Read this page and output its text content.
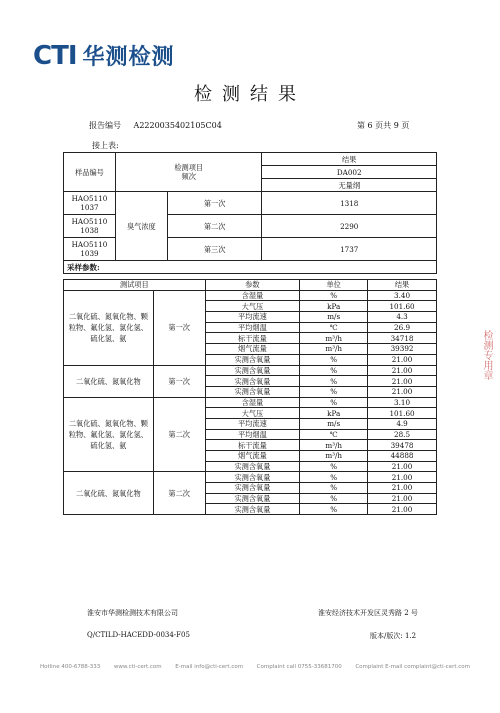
CTI 华测检测
检测结果
报告编号 A2220035402105C04	第 6 页共 9 页
接上表:
样品编号	检测项目
频次		结果
			DA002
			无量纲
HAO5110 1037	臭气浓度	第一次	1318
HAO5110 1038		第二次	2290
HAO5110 1039		第三次	1737
采样参数:			
测试项目		参数	单位	结果
二氧化硫、氮氧化物、颗粒物、氟化氢、氯化氢、硫化氢、氨	第一次	含湿量	%	3.40
		大气压	kPa	101.60
		平均流速	m/s	4.3
		平均烟温	℃	26.9
		标干流量	m³/h	34718
		烟气流量	m³/h	39392
		实测含氧量	%	21.00
二氧化硫、氮氧化物	第一次	实测含氧量	%	21.00
		实测含氧量	%	21.00
		实测含氧量	%	21.00
二氧化硫、氮氧化物、颗粒物、氟化氢、氯化氢、硫化氢、氨	第二次	含湿量	%	3.10
		大气压	kPa	101.60
		平均流速	m/s	4.9
		平均烟温	℃	28.5
		标干流量	m³/h	39478
		烟气流量	m³/h	44888
		实测含氧量	%	21.00
二氧化硫、氮氧化物	第二次	实测含氧量	%	21.00
		实测含氧量	%	21.00
		实测含氧量	%	21.00
		实测含氧量	%	21.00
检测专用章
淮安市华测检测技术有限公司	淮安经济技术开发区灵秀路 2 号
Q/CTILD-HACEDD-0034-F05	版本/版次: 1.2
Hotline 400-6788-333 www.cti-cert.com E-mail info@cti-cert.com Complaint call 0755-33681700 Complaint E-mail complaint@cti-cert.com
